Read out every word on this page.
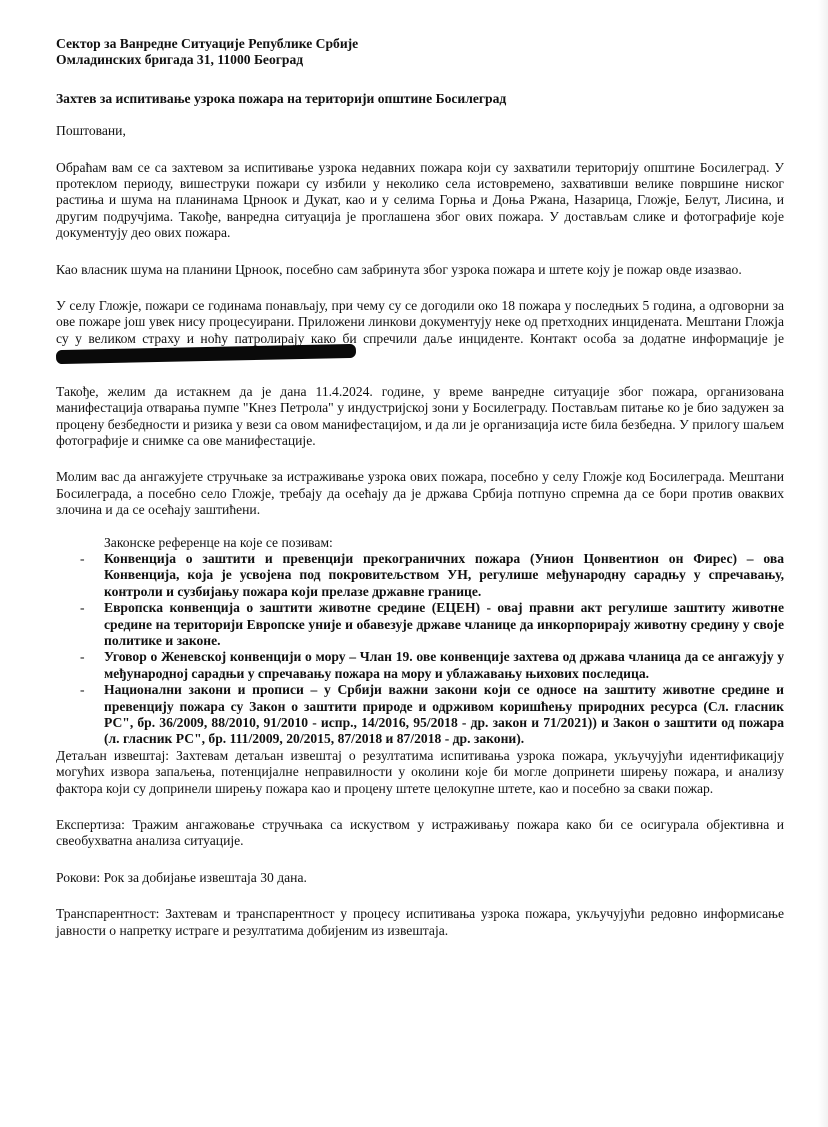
Сектор за Ванредне Ситуације Републике Србије
Омладинских бригада 31, 11000 Београд
Захтев за испитивање узрока пожара на територији општине Босилеград
Поштовани,

Обраћам вам се са захтевом за испитивање узрока недавних пожара који су захватили територију општине Босилеград. У протеклом периоду, вишеструки пожари су избили у неколико села истовремено, захвативши велике површине ниског растиња и шума на планинама Црноок и Дукат, као и у селима Горња и Доња Ржана, Назарица, Гложје, Белут, Лисина, и другим подручјима. Такође, ванредна ситуација је проглашена због ових пожара. У достављам слике и фотографије које документују део ових пожара.

Као власник шума на планини Црноок, посебно сам забринута због узрока пожара и штете коју је пожар овде изазвао.

У селу Гложје, пожари се годинама понављају, при чему су се догодили око 18 пожара у последњих 5 година, а одговорни за ове пожаре још увек нису процесуирани. Приложени линкови документују неке од претходних инцидената. Мештани Гложја су у великом страху и ноћу патролирају како би спречили даље инциденте. Контакт особа за додатне информације је

Такође, желим да истакнем да је дана 11.4.2024. године, у време ванредне ситуације због пожара, организована манифестација отварања пумпе "Кнез Петрола" у индустријској зони у Босилеграду. Постављам питање ко је био задужен за процену безбедности и ризика у вези са овом манифестацијом, и да ли је организација исте била безбедна. У прилогу шаљем фотографије и снимке са ове манифестације.

Молим вас да ангажујете стручњаке за истраживање узрока ових пожара, посебно у селу Гложје код Босилеграда. Мештани Босилеграда, а посебно село Гложје, требају да осећају да је држава Србија потпуно спремна да се бори против оваквих злочина и да се осећају заштићени.

Законске референце на које се позивам:
- Конвенција о заштити и превенцији прекограничних пожара (Унион Цонвентион он Фирес) – ова Конвенција, која је усвојена под покровитељством УН, регулише међународну сарадњу у спречавању, контроли и сузбијању пожара који прелазе државне границе.
- Европска конвенција о заштити животне средине (ЕЦЕН) - овај правни акт регулише заштиту животне средине на територији Европске уније и обавезује државе чланице да инкорпорирају животну средину у своје политике и законе.
- Уговор о Женевској конвенцији о мору – Члан 19. ове конвенције захтева од држава чланица да се ангажују у међународној сарадњи у спречавању пожара на мору и ублажавању њихових последица.
- Национални закони и прописи – у Србији важни закони који се односе на заштиту животне средине и превенцију пожара су Закон о заштити природе и одрживом коришћењу природних ресурса (Сл. гласник РС", бр. 36/2009, 88/2010, 91/2010 - испр., 14/2016, 95/2018 - др. закон и 71/2021)) и Закон о заштити од пожара (л. гласник РС", бр. 111/2009, 20/2015, 87/2018 и 87/2018 - др. закони).

Детаљан извештај: Захтевам детаљан извештај о резултатима испитивања узрока пожара, укључујући идентификацију могућих извора запаљења, потенцијалне неправилности у околини које би могле допринети ширењу пожара, и анализу фактора који су допринели ширењу пожара као и процену штете целокупне штете, као и посебно за сваки пожар.

Експертиза: Тражим ангажовање стручњака са искуством у истраживању пожара како би се осигурала објективна и свеобухватна анализа ситуације.

Рокови: Рок за добијање извештаја 30 дана.

Транспарентност: Захтевам и транспарентност у процесу испитивања узрока пожара, укључујући редовно информисање јавности о напретку истраге и резултатима добијеним из извештаја.
